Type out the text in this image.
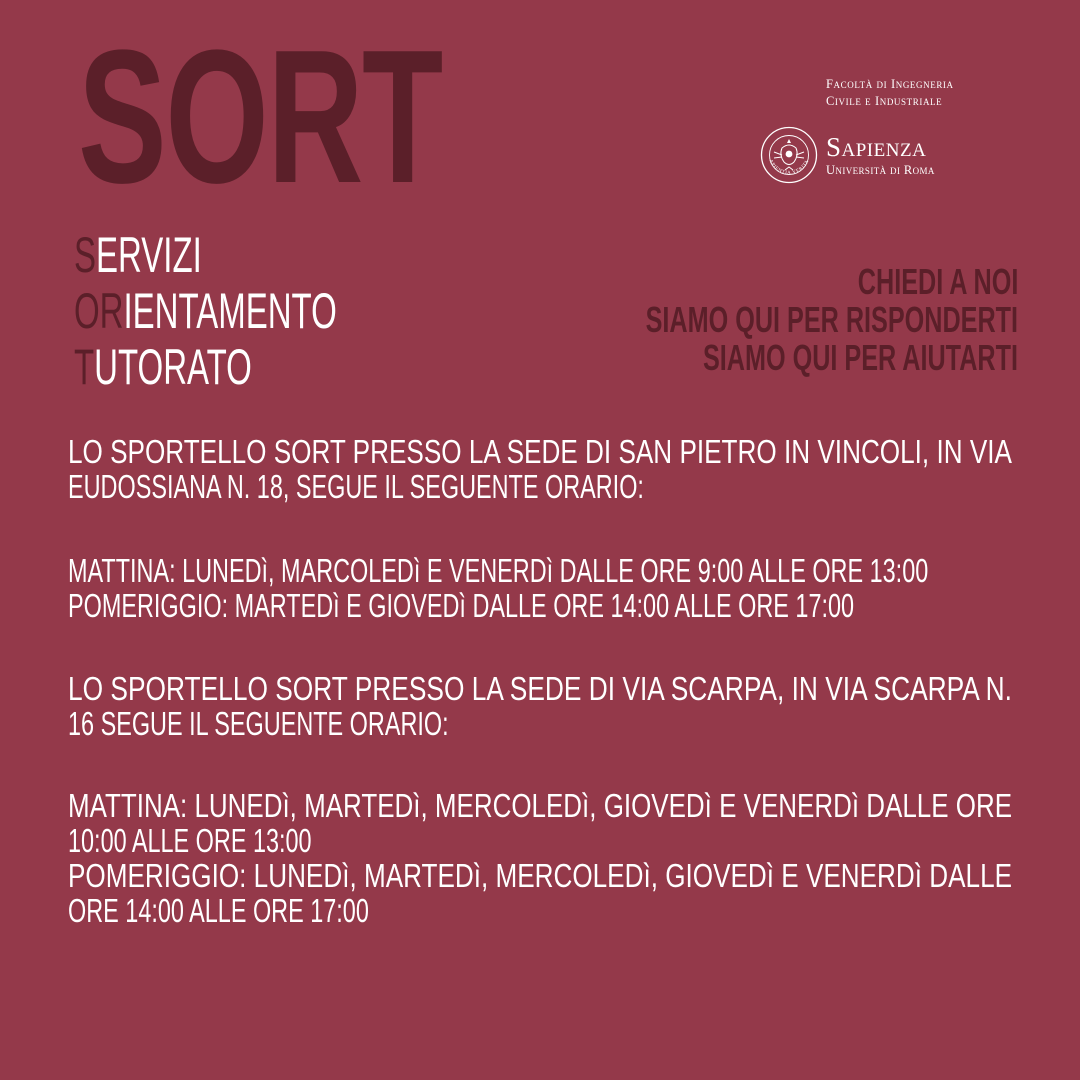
SORT
SERVIZI
ORIENTAMENTO
TUTORATO
CHIEDI A NOI
SIAMO QUI PER RISPONDERTI
SIAMO QUI PER AIUTARTI
Facoltà di Ingegneria
Civile e Industriale
APIENTIA VERITA
Sapienza
Università di Roma
LO SPORTELLO SORT PRESSO LA SEDE DI SAN PIETRO IN VINCOLI, IN VIA
EUDOSSIANA N. 18, SEGUE IL SEGUENTE ORARIO:
MATTINA: LUNEDì, MARCOLEDì E VENERDì DALLE ORE 9:00 ALLE ORE 13:00
POMERIGGIO: MARTEDì E GIOVEDì DALLE ORE 14:00 ALLE ORE 17:00
LO SPORTELLO SORT PRESSO LA SEDE DI VIA SCARPA, IN VIA SCARPA N.
16 SEGUE IL SEGUENTE ORARIO:
MATTINA: LUNEDì, MARTEDì, MERCOLEDì, GIOVEDì E VENERDì DALLE ORE
10:00 ALLE ORE 13:00
POMERIGGIO: LUNEDì, MARTEDì, MERCOLEDì, GIOVEDì E VENERDì DALLE
ORE 14:00 ALLE ORE 17:00
